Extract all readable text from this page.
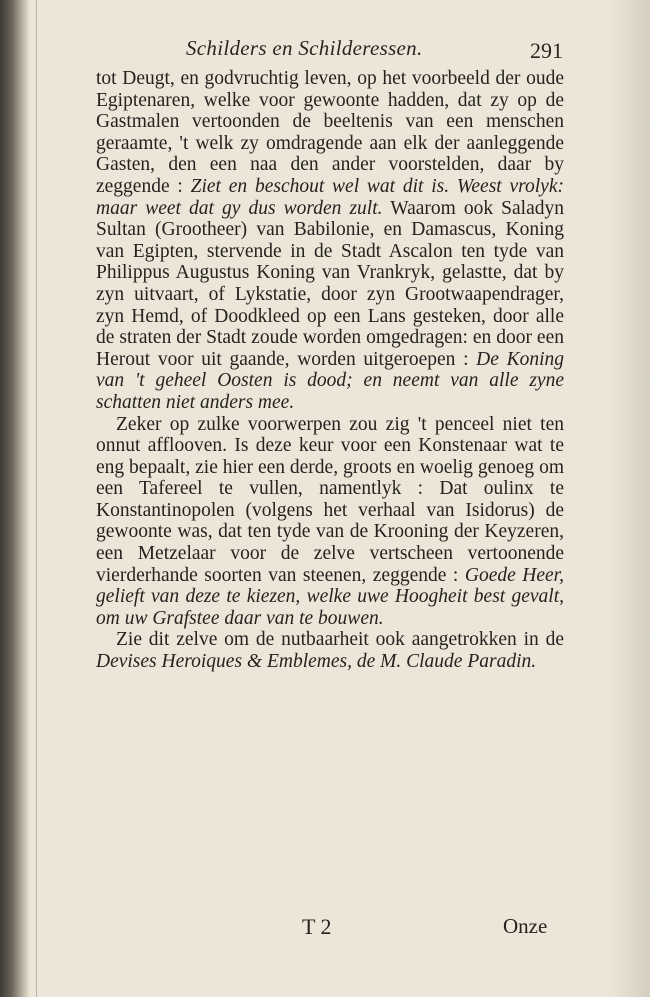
Schilders en Schilderessen.	291

tot Deugt, en godvruchtig leven, op het voorbeeld der oude Egiptenaren, welke voor gewoonte hadden, dat zy op de Gastmalen vertoonden de beeltenis van een menschen geraamte, 't welk zy omdragende aan elk der aanleggende Gasten, den een naa den ander voorstelden, daar by zeggende : Ziet en beschout wel wat dit is. Weest vrolyk: maar weet dat gy dus worden zult. Waarom ook Saladyn Sultan (Grootheer) van Babilonie, en Damascus, Koning van Egipten, stervende in de Stadt Ascalon ten tyde van Philippus Augustus Koning van Vrankryk, gelastte, dat by zyn uitvaart, of Lykstatie, door zyn Grootwaapendrager, zyn Hemd, of Doodkleed op een Lans gesteken, door alle de straten der Stadt zoude worden omgedragen: en door een Herout voor uit gaande, worden uitgeroepen : De Koning van 't geheel Oosten is dood; en neemt van alle zyne schatten niet anders mee.

Zeker op zulke voorwerpen zou zig 't penceel niet ten onnut afflooven. Is deze keur voor een Konstenaar wat te eng bepaalt, zie hier een derde, groots en woelig genoeg om een Tafereel te vullen, namentlyk : Dat oulinx te Konstantinopolen (volgens het verhaal van Isidorus) de gewoonte was, dat ten tyde van de Krooning der Keyzeren, een Metzelaar voor de zelve vertscheen vertoonende vierderhande soorten van steenen, zeggende : Goede Heer, gelieft van deze te kiezen, welke uwe Hoogheit best gevalt, om uw Grafstee daar van te bouwen.

Zie dit zelve om de nutbaarheit ook aangetrokken in de Devises Heroiques & Emblemes, de M. Claude Paradin.

T 2	Onze
